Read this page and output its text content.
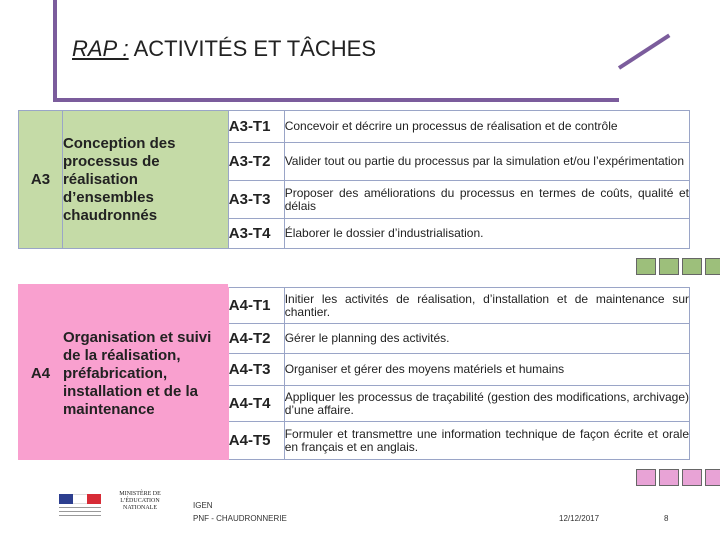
RAP : ACTIVITÉS ET TÂCHES
A3	Conception des processus de réalisation d’ensembles chaudronnés	A3-T1	Concevoir et décrire un processus de réalisation et de contrôle
		A3-T2	Valider tout ou partie du processus par la simulation et/ou l’expérimentation
		A3-T3	Proposer des améliorations du processus en termes de coûts, qualité et délais
		A3-T4	Élaborer le dossier d’industrialisation.
A4	Organisation et suivi de la réalisation, préfabrication, installation et de la maintenance	A4-T1	Initier les activités de réalisation, d’installation et de maintenance sur chantier.
		A4-T2	Gérer le planning des activités.
		A4-T3	Organiser et gérer des moyens matériels et humains
		A4-T4	Appliquer les processus de traçabilité (gestion des modifications, archivage) d’une affaire.
		A4-T5	Formuler et transmettre une information technique de façon écrite et orale en français et en anglais.
MINISTÈRE DE L’ÉDUCATION NATIONALE	IGEN
PNF - CHAUDRONNERIE	12/12/2017	8
